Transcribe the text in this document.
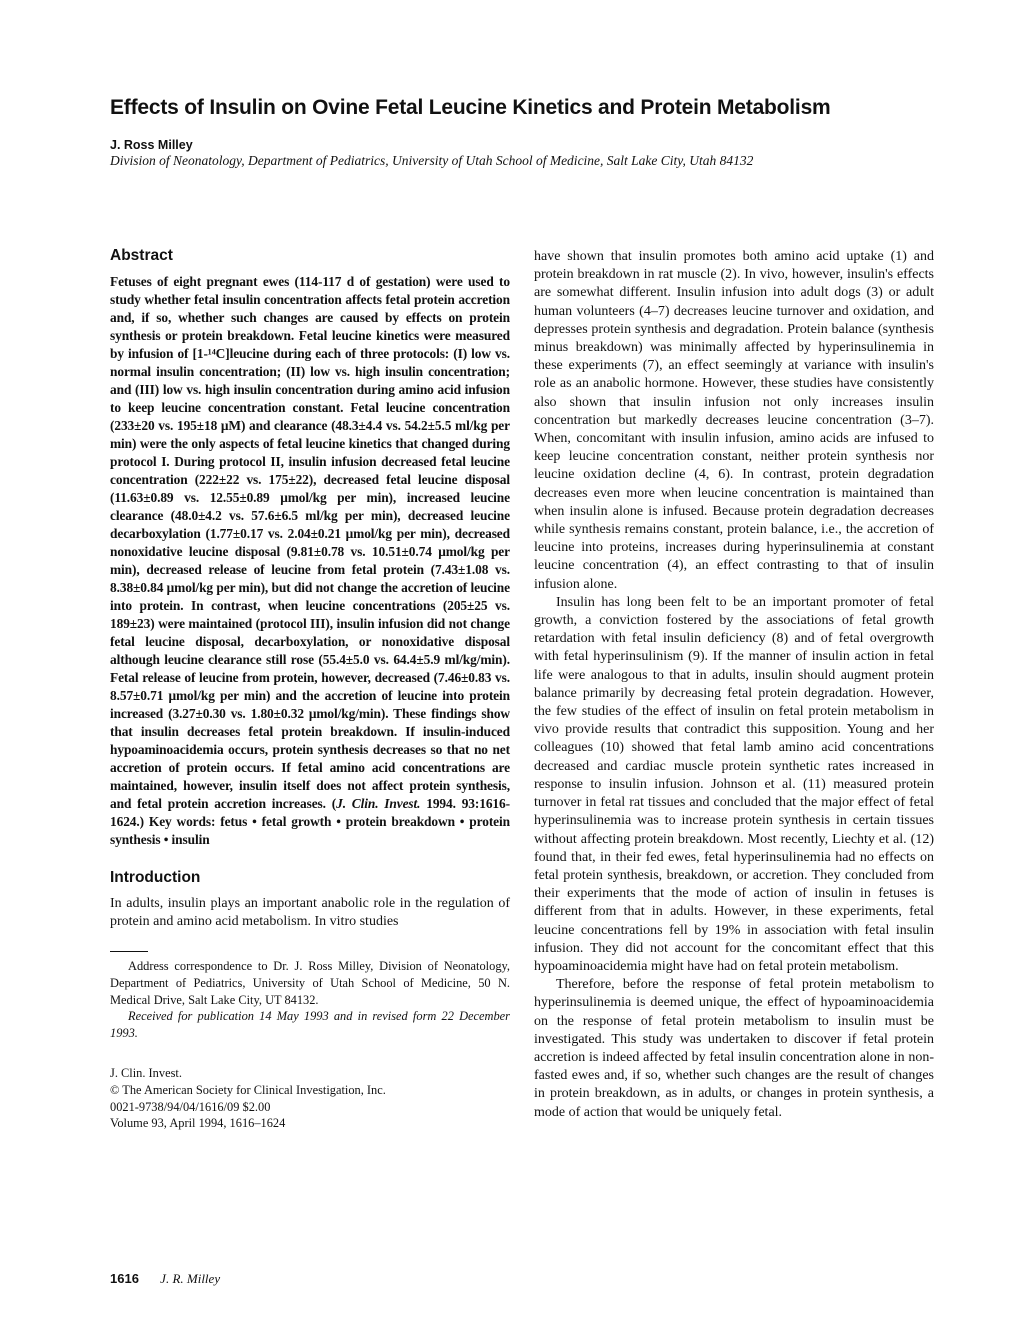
Effects of Insulin on Ovine Fetal Leucine Kinetics and Protein Metabolism
J. Ross Milley
Division of Neonatology, Department of Pediatrics, University of Utah School of Medicine, Salt Lake City, Utah 84132
Abstract

Fetuses of eight pregnant ewes (114-117 d of gestation) were used to study whether fetal insulin concentration affects fetal protein accretion and, if so, whether such changes are caused by effects on protein synthesis or protein breakdown. Fetal leucine kinetics were measured by infusion of [1-¹⁴C]leucine during each of three protocols: (I) low vs. normal insulin concentration; (II) low vs. high insulin concentration; and (III) low vs. high insulin concentration during amino acid infusion to keep leucine concentration constant. Fetal leucine concentration (233±20 vs. 195±18 μM) and clearance (48.3±4.4 vs. 54.2±5.5 ml/kg per min) were the only aspects of fetal leucine kinetics that changed during protocol I. During protocol II, insulin infusion decreased fetal leucine concentration (222±22 vs. 175±22), decreased fetal leucine disposal (11.63±0.89 vs. 12.55±0.89 μmol/kg per min), increased leucine clearance (48.0±4.2 vs. 57.6±6.5 ml/kg per min), decreased leucine decarboxylation (1.77±0.17 vs. 2.04±0.21 μmol/kg per min), decreased nonoxidative leucine disposal (9.81±0.78 vs. 10.51±0.74 μmol/kg per min), decreased release of leucine from fetal protein (7.43±1.08 vs. 8.38±0.84 μmol/kg per min), but did not change the accretion of leucine into protein. In contrast, when leucine concentrations (205±25 vs. 189±23) were maintained (protocol III), insulin infusion did not change fetal leucine disposal, decarboxylation, or nonoxidative disposal although leucine clearance still rose (55.4±5.0 vs. 64.4±5.9 ml/kg/min). Fetal release of leucine from protein, however, decreased (7.46±0.83 vs. 8.57±0.71 μmol/kg per min) and the accretion of leucine into protein increased (3.27±0.30 vs. 1.80±0.32 μmol/kg/min). These findings show that insulin decreases fetal protein breakdown. If insulin-induced hypoaminoacidemia occurs, protein synthesis decreases so that no net accretion of protein occurs. If fetal amino acid concentrations are maintained, however, insulin itself does not affect protein synthesis, and fetal protein accretion increases. (J. Clin. Invest. 1994. 93:1616-1624.) Key words: fetus • fetal growth • protein breakdown • protein synthesis • insulin

Introduction

In adults, insulin plays an important anabolic role in the regulation of protein and amino acid metabolism. In vitro studies

Address correspondence to Dr. J. Ross Milley, Division of Neonatology, Department of Pediatrics, University of Utah School of Medicine, 50 N. Medical Drive, Salt Lake City, UT 84132.

Received for publication 14 May 1993 and in revised form 22 December 1993.

J. Clin. Invest.
© The American Society for Clinical Investigation, Inc.
0021-9738/94/04/1616/09 $2.00
Volume 93, April 1994, 1616–1624

have shown that insulin promotes both amino acid uptake (1) and protein breakdown in rat muscle (2). In vivo, however, insulin's effects are somewhat different. Insulin infusion into adult dogs (3) or adult human volunteers (4–7) decreases leucine turnover and oxidation, and depresses protein synthesis and degradation. Protein balance (synthesis minus breakdown) was minimally affected by hyperinsulinemia in these experiments (7), an effect seemingly at variance with insulin's role as an anabolic hormone. However, these studies have consistently also shown that insulin infusion not only increases insulin concentration but markedly decreases leucine concentration (3–7). When, concomitant with insulin infusion, amino acids are infused to keep leucine concentration constant, neither protein synthesis nor leucine oxidation decline (4, 6). In contrast, protein degradation decreases even more when leucine concentration is maintained than when insulin alone is infused. Because protein degradation decreases while synthesis remains constant, protein balance, i.e., the accretion of leucine into proteins, increases during hyperinsulinemia at constant leucine concentration (4), an effect contrasting to that of insulin infusion alone.

Insulin has long been felt to be an important promoter of fetal growth, a conviction fostered by the associations of fetal growth retardation with fetal insulin deficiency (8) and of fetal overgrowth with fetal hyperinsulinism (9). If the manner of insulin action in fetal life were analogous to that in adults, insulin should augment protein balance primarily by decreasing fetal protein degradation. However, the few studies of the effect of insulin on fetal protein metabolism in vivo provide results that contradict this supposition. Young and her colleagues (10) showed that fetal lamb amino acid concentrations decreased and cardiac muscle protein synthetic rates increased in response to insulin infusion. Johnson et al. (11) measured protein turnover in fetal rat tissues and concluded that the major effect of fetal hyperinsulinemia was to increase protein synthesis in certain tissues without affecting protein breakdown. Most recently, Liechty et al. (12) found that, in their fed ewes, fetal hyperinsulinemia had no effects on fetal protein synthesis, breakdown, or accretion. They concluded from their experiments that the mode of action of insulin in fetuses is different from that in adults. However, in these experiments, fetal leucine concentrations fell by 19% in association with fetal insulin infusion. They did not account for the concomitant effect that this hypoaminoacidemia might have had on fetal protein metabolism.

Therefore, before the response of fetal protein metabolism to hyperinsulinemia is deemed unique, the effect of hypoaminoacidemia on the response of fetal protein metabolism to insulin must be investigated. This study was undertaken to discover if fetal protein accretion is indeed affected by fetal insulin concentration alone in non-fasted ewes and, if so, whether such changes are the result of changes in protein breakdown, as in adults, or changes in protein synthesis, a mode of action that would be uniquely fetal.

1616 J. R. Milley
